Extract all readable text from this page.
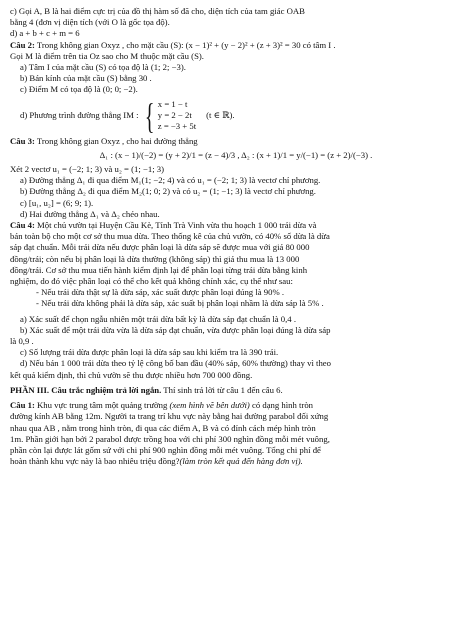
c) Gọi A, B là hai điểm cực trị của đồ thị hàm số đã cho, diện tích của tam giác OAB

bằng 4 (đơn vị diện tích (với O là gốc tọa độ).

d) a + b + c + m = 6

Câu 2: Trong không gian Oxyz , cho mặt cầu (S): (x − 1)² + (y − 2)² + (z + 3)² = 30 có tâm I .

Gọi M là điểm trên tia Oz sao cho M thuộc mặt cầu (S).

a) Tâm I của mặt cầu (S) có tọa độ là (1; 2; −3).

b) Bán kính của mặt cầu (S) bằng 30 .

c) Điểm M có tọa độ là (0; 0; −2).

d) Phương trình đường thẳng IM : { x = 1 − t
y = 2 − 2t
z = −3 + 5t
(t ∈ ℝ).

Câu 3: Trong không gian Oxyz , cho hai đường thẳng

Δ₁ : (x − 1)/(−2) = (y + 2)/1 = (z − 4)/3 , Δ₂ : (x + 1)/1 = y/(−1) = (z + 2)/(−3) .

Xét 2 vectơ u₁ = (−2; 1; 3) và u₂ = (1; −1; 3)

a) Đường thẳng Δ₁ đi qua điểm M₁(1; −2; 4) và có u₁ = (−2; 1; 3) là vectơ chỉ phương.

b) Đường thẳng Δ₂ đi qua điểm M₂(1; 0; 2) và có u₂ = (1; −1; 3) là vectơ chỉ phương.

c) [u₁, u₂] = (6; 9; 1).

d) Hai đường thẳng Δ₁ và Δ₂ chéo nhau.

Câu 4: Một chủ vườn tại Huyện Cầu Kè, Tỉnh Trà Vinh vừa thu hoạch 1 000 trái dừa và

bán toàn bộ cho một cơ sở thu mua dừa. Theo thống kê của chủ vườn, có 40% số dừa là dừa

sáp đạt chuẩn. Mỗi trái dừa nếu được phân loại là dừa sáp sẽ được mua với giá 80 000

đồng/trái; còn nếu bị phân loại là dừa thường (không sáp) thì giá thu mua là 13 000

đồng/trái. Cơ sở thu mua tiến hành kiểm định lại để phân loại từng trái dừa bằng kinh

nghiệm, do đó việc phân loại có thể cho kết quả không chính xác, cụ thể như sau:

- Nếu trái dừa thật sự là dừa sáp, xác suất được phân loại đúng là 90% .

- Nếu trái dừa không phải là dừa sáp, xác suất bị phân loại nhầm là dừa sáp là 5% .

a) Xác suất để chọn ngẫu nhiên một trái dừa bất kỳ là dừa sáp đạt chuẩn là 0,4 .

b) Xác suất để một trái dừa vừa là dừa sáp đạt chuẩn, vừa được phân loại đúng là dừa sáp

là 0,9 .

c) Số lượng trái dừa được phân loại là dừa sáp sau khi kiểm tra là 390 trái.

d) Nếu bán 1 000 trái dừa theo tỷ lệ công bố ban đầu (40% sáp, 60% thường) thay vì theo

kết quả kiểm định, thì chủ vườn sẽ thu được nhiều hơn 700 000 đồng.

PHẦN III. Câu trắc nghiệm trả lời ngắn. Thí sinh trả lời từ câu 1 đến câu 6.

Câu 1: Khu vực trung tâm một quảng trường (xem hình vẽ bên dưới) có dạng hình tròn

đường kính AB bằng 12m. Người ta trang trí khu vực này bằng hai đường parabol đối xứng

nhau qua AB , nằm trong hình tròn, đi qua các điểm A, B và có đỉnh cách mép hình tròn

1m. Phần giới hạn bởi 2 parabol được trồng hoa với chi phí 300 nghìn đồng mỗi mét vuông,

phần còn lại được lát gốm sứ với chi phí 900 nghìn đồng mỗi mét vuông. Tổng chi phí để

hoàn thành khu vực này là bao nhiêu triệu đồng?(làm tròn kết quả đến hàng đơn vị).
